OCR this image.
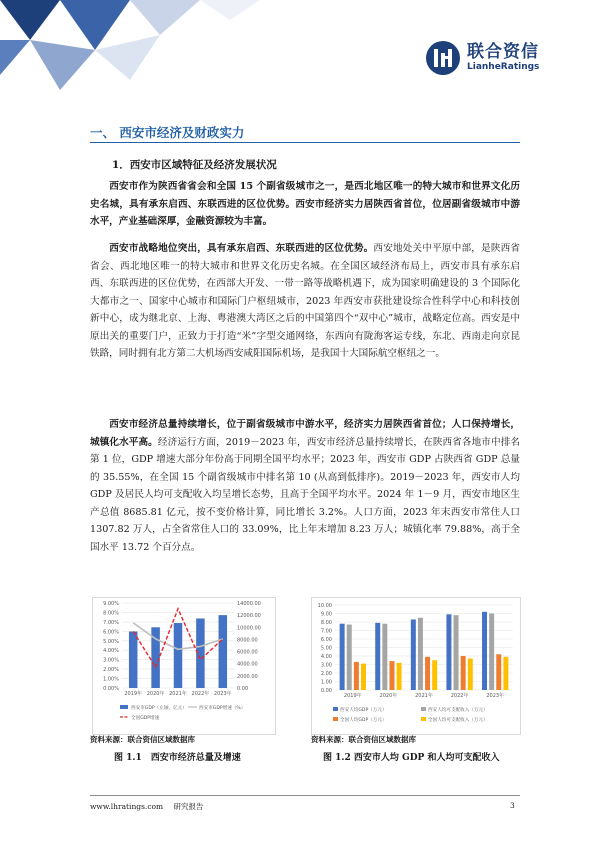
联合资信
LianheRatings
一、 西安市经济及财政实力
1．西安市区域特征及经济发展状况

西安市作为陕西省省会和全国 15 个副省级城市之一，是西北地区唯一的特大城市和世界文化历史名城，具有承东启西、东联西进的区位优势。西安市经济实力居陕西省首位，位居副省级城市中游水平，产业基础深厚，金融资源较为丰富。

西安市战略地位突出，具有承东启西、东联西进的区位优势。西安地处关中平原中部，是陕西省省会、西北地区唯一的特大城市和世界文化历史名城。在全国区域经济布局上，西安市具有承东启西、东联西进的区位优势，在西部大开发、一带一路等战略机遇下，成为国家明确建设的 3 个国际化大都市之一、国家中心城市和国际门户枢纽城市，2023 年西安市获批建设综合性科学中心和科技创新中心，成为继北京、上海、粤港澳大湾区之后的中国第四个“双中心”城市，战略定位高。西安是中原出关的重要门户，正致力于打造“米”字型交通网络，东西向有陇海客运专线，东北、西南走向京昆铁路，同时拥有北方第二大机场西安咸阳国际机场，是我国十大国际航空枢纽之一。

西安市经济总量持续增长，位于副省级城市中游水平，经济实力居陕西省首位；人口保持增长，城镇化水平高。经济运行方面，2019－2023 年，西安市经济总量持续增长，在陕西省各地市中排名第 1 位，GDP 增速大部分年份高于同期全国平均水平；2023 年，西安市 GDP 占陕西省 GDP 总量的 35.55%，在全国 15 个副省级城市中排名第 10 (从高到低排序)。2019－2023 年，西安市人均 GDP 及居民人均可支配收入均呈增长态势，且高于全国平均水平。2024 年 1－9 月，西安市地区生产总值 8685.81 亿元，按不变价格计算，同比增长 3.2%。人口方面，2023 年末西安市常住人口 1307.82 万人，占全省常住人口的 33.09%，比上年末增加 8.23 万人；城镇化率 79.88%，高于全国水平 13.72 个百分点。

0.00%
1.00%
2.00%
3.00%
4.00%
5.00%
6.00%
7.00%
8.00%
9.00%
0.00
2000.00
4000.00
6000.00
8000.00
10000.00
12000.00
14000.00
2019年 2020年 2021年 2022年 2023年
西安市GDP（左轴，亿元）	西安市GDP增速（%）
全国GDP增速
0.00
1.00
2.00
3.00
4.00
5.00
6.00
7.00
8.00
9.00
10.00
2019年	2020年	2021年	2022年	2023年
西安人均GDP（万元）	西安人均可支配收入（万元）
全国人均GDP（万元）	全国人均可支配收入（万元）
资料来源：联合资信区域数据库	资料来源：联合资信区域数据库
图 1.1　西安市经济总量及增速	图 1.2 西安市人均 GDP 和人均可支配收入
www.lhratings.com 研究报告	3
